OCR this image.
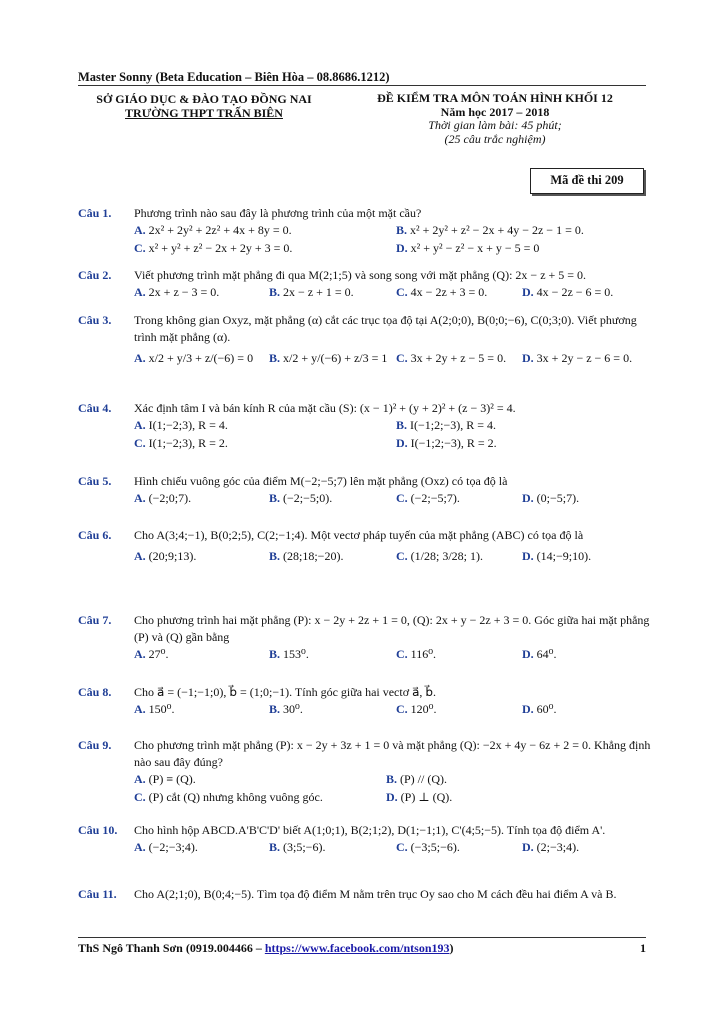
Master Sonny (Beta Education – Biên Hòa – 08.8686.1212)
SỞ GIÁO DỤC & ĐÀO TẠO ĐỒNG NAI
TRƯỜNG THPT TRẤN BIÊN
ĐỀ KIỂM TRA MÔN TOÁN HÌNH KHỐI 12
Năm học 2017 – 2018
Thời gian làm bài: 45 phút;
(25 câu trắc nghiệm)
Mã đề thi 209
Câu 1. Phương trình nào sau đây là phương trình của một mặt cầu?
A. 2x² + 2y² + 2z² + 4x + 8y = 0.	B. x² + 2y² + z² − 2x + 4y − 2z − 1 = 0.
C. x² + y² + z² − 2x + 2y + 3 = 0.	D. x² + y² − z² − x + y − 5 = 0
Câu 2. Viết phương trình mặt phẳng đi qua M(2;1;5) và song song với mặt phẳng (Q): 2x − z + 5 = 0.
A. 2x + z − 3 = 0.	B. 2x − z + 1 = 0.	C. 4x − 2z + 3 = 0.	D. 4x − 2z − 6 = 0.
Câu 3. Trong không gian Oxyz, mặt phẳng (α) cắt các trục tọa độ tại A(2;0;0), B(0;0;−6), C(0;3;0). Viết phương trình mặt phẳng (α).
A. x/2 + y/3 + z/(−6) = 0 B. x/2 + y/(−6) + z/3 = 1 C. 3x + 2y + z − 5 = 0. D. 3x + 2y − z − 6 = 0.
Câu 4. Xác định tâm I và bán kính R của mặt cầu (S): (x − 1)² + (y + 2)² + (z − 3)² = 4.
A. I(1;−2;3), R = 4.	B. I(−1;2;−3), R = 4.
C. I(1;−2;3), R = 2.	D. I(−1;2;−3), R = 2.
Câu 5. Hình chiếu vuông góc của điểm M(−2;−5;7) lên mặt phẳng (Oxz) có tọa độ là
A. (−2;0;7).	B. (−2;−5;0).	C. (−2;−5;7).	D. (0;−5;7).
Câu 6. Cho A(3;4;−1), B(0;2;5), C(2;−1;4). Một vectơ pháp tuyến của mặt phẳng (ABC) có tọa độ là
A. (20;9;13).	B. (28;18;−20).	C. (1/28; 3/28; 1).	D. (14;−9;10).
Câu 7. Cho phương trình hai mặt phẳng (P): x − 2y + 2z + 1 = 0, (Q): 2x + y − 2z + 3 = 0. Góc giữa hai mặt phẳng (P) và (Q) gần bằng
A. 27⁰.	B. 153⁰.	C. 116⁰.	D. 64⁰.
Câu 8. Cho a⃗ = (−1;−1;0), b⃗ = (1;0;−1). Tính góc giữa hai vectơ a⃗, b⃗.
A. 150⁰.	B. 30⁰.	C. 120⁰.	D. 60⁰.
Câu 9. Cho phương trình mặt phẳng (P): x − 2y + 3z + 1 = 0 và mặt phẳng (Q): −2x + 4y − 6z + 2 = 0. Khẳng định nào sau đây đúng?
A. (P) ≡ (Q).	B. (P) // (Q).
C. (P) cắt (Q) nhưng không vuông góc.	D. (P) ⊥ (Q).
Câu 10. Cho hình hộp ABCD.A'B'C'D' biết A(1;0;1), B(2;1;2), D(1;−1;1), C'(4;5;−5). Tính tọa độ điểm A'.
A. (−2;−3;4).	B. (3;5;−6).	C. (−3;5;−6).	D. (2;−3;4).
Câu 11. Cho A(2;1;0), B(0;4;−5). Tìm tọa độ điểm M nằm trên trục Oy sao cho M cách đều hai điểm A và B.
ThS Ngô Thanh Sơn (0919.004466 – https://www.facebook.com/ntson193)	1
